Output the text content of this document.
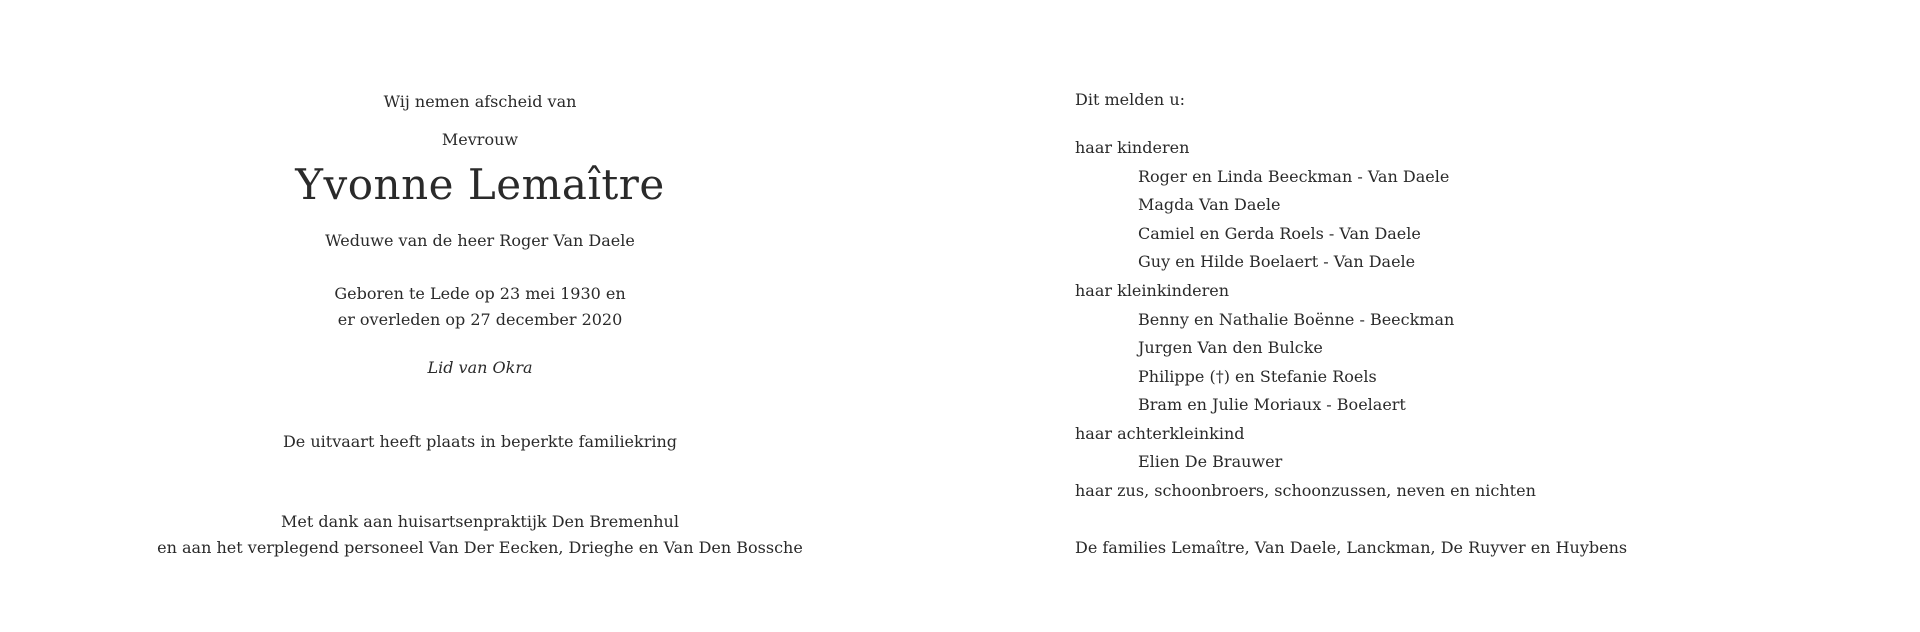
Wij nemen afscheid van
Mevrouw
Yvonne Lemaître
Weduwe van de heer Roger Van Daele
Geboren te Lede op 23 mei 1930 en
er overleden op 27 december 2020
Lid van Okra
De uitvaart heeft plaats in beperkte familiekring
Met dank aan huisartsenpraktijk Den Bremenhul
en aan het verplegend personeel Van Der Eecken, Drieghe en Van Den Bossche
Dit melden u:
haar kinderen
Roger en Linda Beeckman - Van Daele
Magda Van Daele
Camiel en Gerda Roels - Van Daele
Guy en Hilde Boelaert - Van Daele
haar kleinkinderen
Benny en Nathalie Boënne - Beeckman
Jurgen Van den Bulcke
Philippe (†) en Stefanie Roels
Bram en Julie Moriaux - Boelaert
haar achterkleinkind
Elien De Brauwer
haar zus, schoonbroers, schoonzussen, neven en nichten
De families Lemaître, Van Daele, Lanckman, De Ruyver en Huybens
